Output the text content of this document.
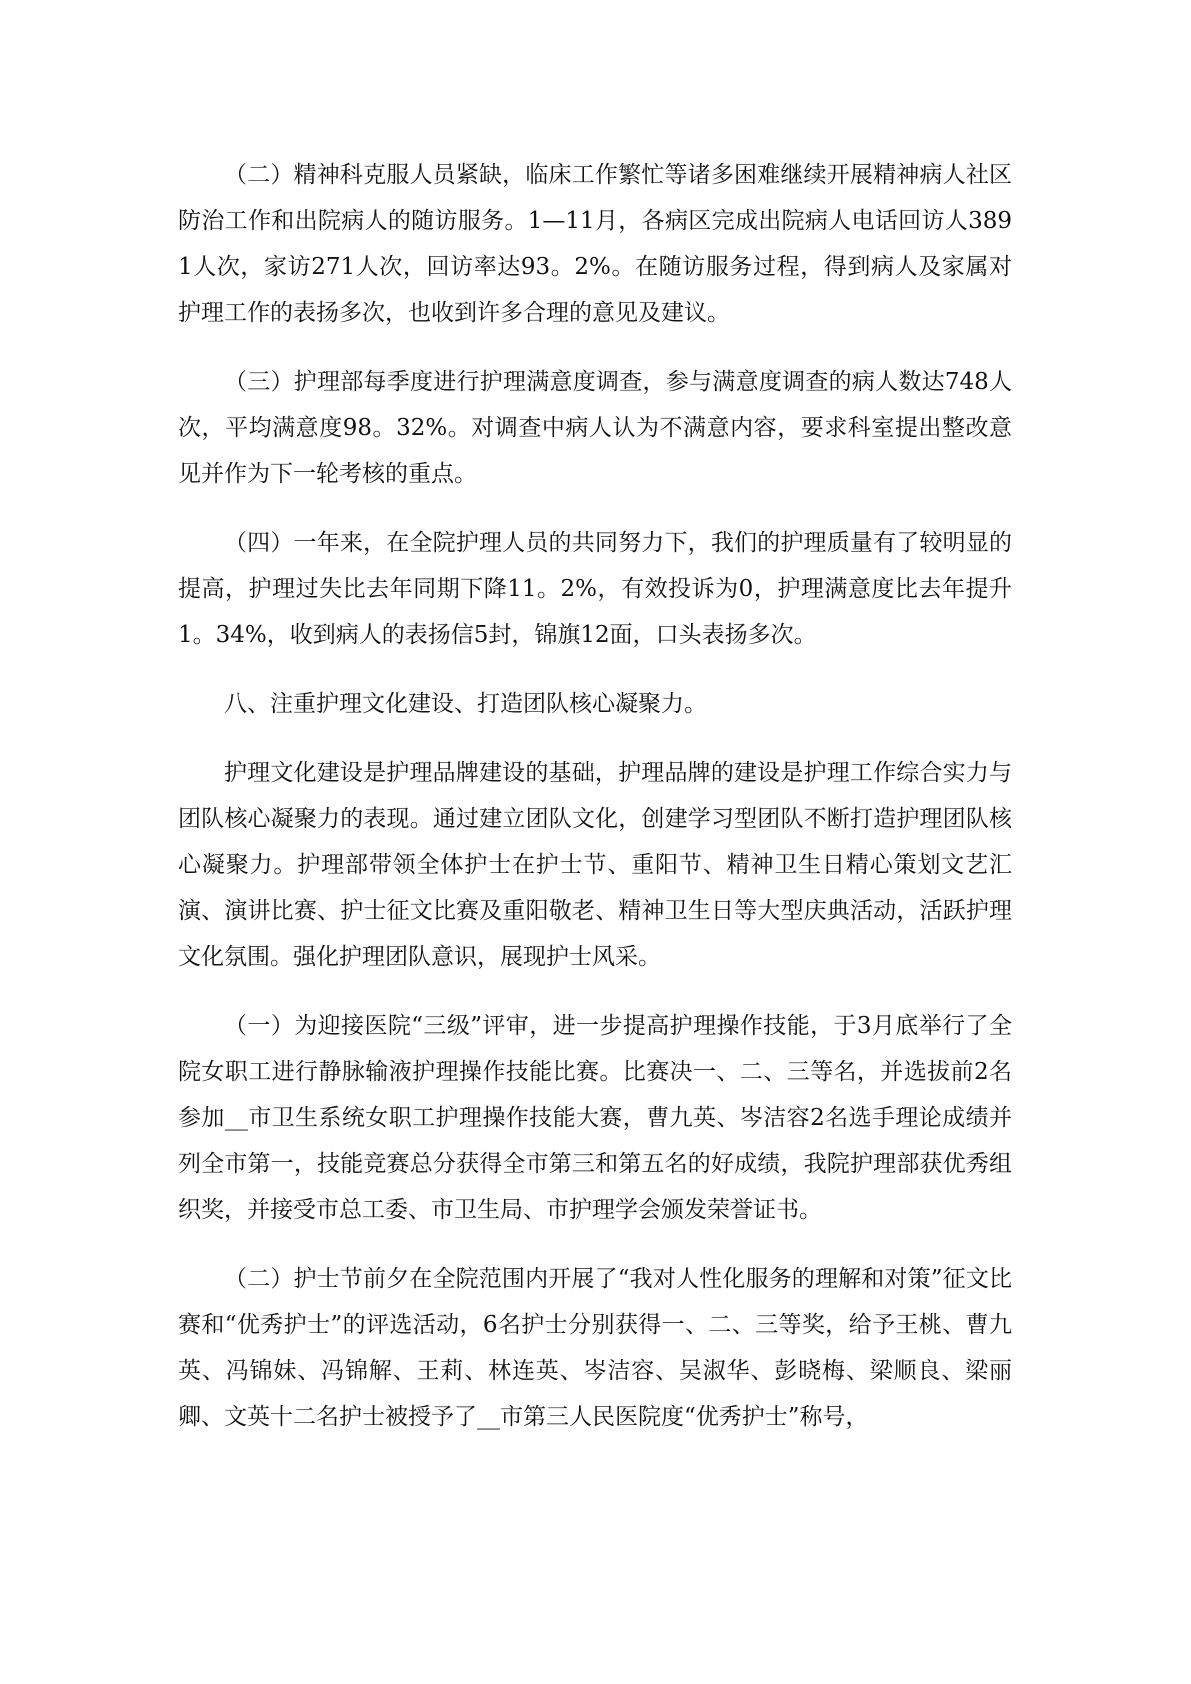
（二）精神科克服人员紧缺，临床工作繁忙等诸多困难继续开展精神病人社区防治工作和出院病人的随访服务。1—11月，各病区完成出院病人电话回访人3891人次，家访271人次，回访率达93。2%。在随访服务过程，得到病人及家属对护理工作的表扬多次，也收到许多合理的意见及建议。

（三）护理部每季度进行护理满意度调查，参与满意度调查的病人数达748人次，平均满意度98。32%。对调查中病人认为不满意内容，要求科室提出整改意见并作为下一轮考核的重点。

（四）一年来，在全院护理人员的共同努力下，我们的护理质量有了较明显的提高，护理过失比去年同期下降11。2%，有效投诉为0，护理满意度比去年提升1。34%，收到病人的表扬信5封，锦旗12面，口头表扬多次。

八、注重护理文化建设、打造团队核心凝聚力。

护理文化建设是护理品牌建设的基础，护理品牌的建设是护理工作综合实力与团队核心凝聚力的表现。通过建立团队文化，创建学习型团队不断打造护理团队核心凝聚力。护理部带领全体护士在护士节、重阳节、精神卫生日精心策划文艺汇演、演讲比赛、护士征文比赛及重阳敬老、精神卫生日等大型庆典活动，活跃护理文化氛围。强化护理团队意识，展现护士风采。

（一）为迎接医院“三级”评审，进一步提高护理操作技能，于3月底举行了全院女职工进行静脉输液护理操作技能比赛。比赛决一、二、三等名，并选拔前2名参加__市卫生系统女职工护理操作技能大赛，曹九英、岑洁容2名选手理论成绩并列全市第一，技能竞赛总分获得全市第三和第五名的好成绩，我院护理部获优秀组织奖，并接受市总工委、市卫生局、市护理学会颁发荣誉证书。

（二）护士节前夕在全院范围内开展了“我对人性化服务的理解和对策”征文比赛和“优秀护士”的评选活动，6名护士分别获得一、二、三等奖，给予王桃、曹九英、冯锦妹、冯锦解、王莉、林连英、岑洁容、吴淑华、彭晓梅、梁顺良、梁丽卿、文英十二名护士被授予了__市第三人民医院度“优秀护士”称号，
